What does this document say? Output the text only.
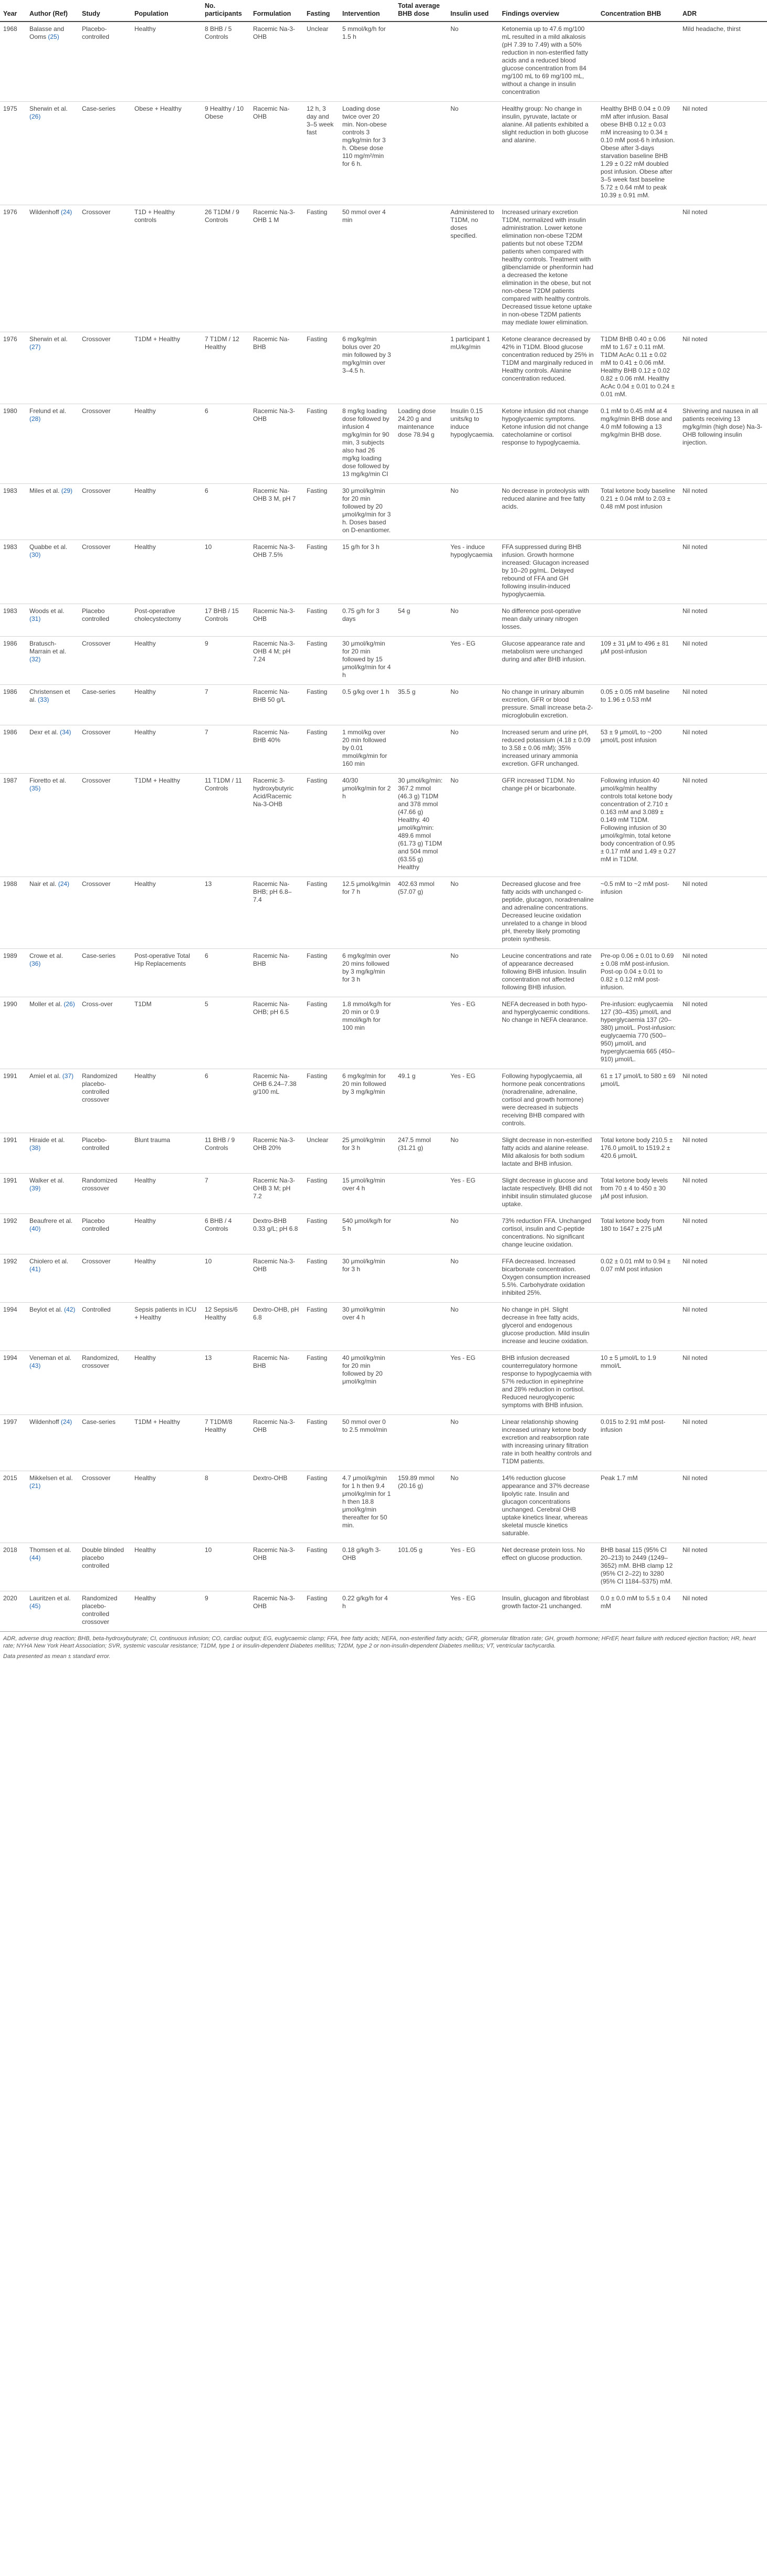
Year	Author (Ref)	Study	Population	No. participants	Formulation	Fasting	Intervention	Total average BHB dose	Insulin used	Findings overview	Concentration BHB	ADR
1968	Balasse and Ooms (25)	Placebo-controlled	Healthy	8 BHB / 5 Controls	Racemic Na-3-OHB	Unclear	5 mmol/kg/h for 1.5 h		No	Ketonemia up to 47.6 mg/100 mL resulted in a mild alkalosis (pH 7.39 to 7.49) with a 50% reduction in non-esterified fatty acids and a reduced blood glucose concentration from 84 mg/100 mL to 69 mg/100 mL, without a change in insulin concentration		Mild headache, thirst
1975	Sherwin et al. (26)	Case-series	Obese + Healthy	9 Healthy / 10 Obese	Racemic Na-OHB	12 h, 3 day and 3–5 week fast	Loading dose twice over 20 min. Non-obese controls 3 mg/kg/min for 3 h. Obese dose 110 mg/m²/min for 6 h.		No	Healthy group: No change in insulin, pyruvate, lactate or alanine. All patients exhibited a slight reduction in both glucose and alanine.	Healthy BHB 0.04 ± 0.09 mM after infusion. Basal obese BHB 0.12 ± 0.03 mM increasing to 0.34 ± 0.10 mM post-6 h infusion. Obese after 3-days starvation baseline BHB 1.29 ± 0.22 mM doubled post infusion. Obese after 3–5 week fast baseline 5.72 ± 0.64 mM to peak 10.39 ± 0.91 mM.	Nil noted
1976	Wildenhoff (24)	Crossover	T1D + Healthy controls	26 T1DM / 9 Controls	Racemic Na-3-OHB 1 M	Fasting	50 mmol over 4 min		Administered to T1DM, no doses specified.	Increased urinary excretion T1DM, normalized with insulin administration. Lower ketone elimination non-obese T2DM patients but not obese T2DM patients when compared with healthy controls. Treatment with glibenclamide or phenformin had a decreased the ketone elimination in the obese, but not non-obese T2DM patients compared with healthy controls. Decreased tissue ketone uptake in non-obese T2DM patients may mediate lower elimination.		Nil noted
1976	Sherwin et al. (27)	Crossover	T1DM + Healthy	7 T1DM / 12 Healthy	Racemic Na-BHB	Fasting	6 mg/kg/min bolus over 20 min followed by 3 mg/kg/min over 3–4.5 h.		1 participant 1 mU/kg/min	Ketone clearance decreased by 42% in T1DM. Blood glucose concentration reduced by 25% in T1DM and marginally reduced in Healthy controls. Alanine concentration reduced.	T1DM BHB 0.40 ± 0.06 mM to 1.67 ± 0.11 mM. T1DM AcAc 0.11 ± 0.02 mM to 0.41 ± 0.06 mM. Healthy BHB 0.12 ± 0.02 0.82 ± 0.06 mM. Healthy AcAc 0.04 ± 0.01 to 0.24 ± 0.01 mM.	Nil noted
1980	Frelund et al. (28)	Crossover	Healthy	6	Racemic Na-3-OHB	Fasting	8 mg/kg loading dose followed by infusion 4 mg/kg/min for 90 min, 3 subjects also had 26 mg/kg loading dose followed by 13 mg/kg/min CI	Loading dose 24.20 g and maintenance dose 78.94 g	Insulin 0.15 units/kg to induce hypoglycaemia.	Ketone infusion did not change hypoglycaemic symptoms. Ketone infusion did not change catecholamine or cortisol response to hypoglycaemia.	0.1 mM to 0.45 mM at 4 mg/kg/min BHB dose and 4.0 mM following a 13 mg/kg/min BHB dose.	Shivering and nausea in all patients receiving 13 mg/kg/min (high dose) Na-3-OHB following insulin injection.
1983	Miles et al. (29)	Crossover	Healthy	6	Racemic Na-OHB 3 M, pH 7	Fasting	30 μmol/kg/min for 20 min followed by 20 μmol/kg/min for 3 h. Doses based on D-enantiomer.		No	No decrease in proteolysis with reduced alanine and free fatty acids.	Total ketone body baseline 0.21 ± 0.04 mM to 2.03 ± 0.48 mM post infusion	Nil noted
1983	Quabbe et al. (30)	Crossover	Healthy	10	Racemic Na-3-OHB 7.5%	Fasting	15 g/h for 3 h		Yes - induce hypoglycaemia	FFA suppressed during BHB infusion. Growth hormone increased: Glucagon increased by 10–20 pg/mL. Delayed rebound of FFA and GH following insulin-induced hypoglycaemia.		Nil noted
1983	Woods et al. (31)	Placebo controlled	Post-operative cholecystectomy	17 BHB / 15 Controls	Racemic Na-3-OHB	Fasting	0.75 g/h for 3 days	54 g	No	No difference post-operative mean daily urinary nitrogen losses.		Nil noted
1986	Bratusch-Marrain et al. (32)	Crossover	Healthy	9	Racemic Na-3-OHB 4 M; pH 7.24	Fasting	30 μmol/kg/min for 20 min followed by 15 μmol/kg/min for 4 h		Yes - EG	Glucose appearance rate and metabolism were unchanged during and after BHB infusion.	109 ± 31 μM to 496 ± 81 μM post-infusion	Nil noted
1986	Christensen et al. (33)	Case-series	Healthy	7	Racemic Na-BHB 50 g/L	Fasting	0.5 g/kg over 1 h	35.5 g	No	No change in urinary albumin excretion, GFR or blood pressure. Small increase beta-2-microglobulin excretion.	0.05 ± 0.05 mM baseline to 1.96 ± 0.53 mM	Nil noted
1986	Dexr et al. (34)	Crossover	Healthy	7	Racemic Na-BHB 40%	Fasting	1 mmol/kg over 20 min followed by 0.01 mmol/kg/min for 160 min		No	Increased serum and urine pH, reduced potassium (4.18 ± 0.09 to 3.58 ± 0.06 mM); 35% increased urinary ammonia excretion. GFR unchanged.	53 ± 9 μmol/L to ~200 μmol/L post infusion	Nil noted
1987	Fioretto et al. (35)	Crossover	T1DM + Healthy	11 T1DM / 11 Controls	Racemic 3-hydroxybutyric Acid/Racemic Na-3-OHB	Fasting	40/30 μmol/kg/min for 2 h	30 μmol/kg/min: 367.2 mmol (46.3 g) T1DM and 378 mmol (47.66 g) Healthy. 40 μmol/kg/min: 489.6 mmol (61.73 g) T1DM and 504 mmol (63.55 g) Healthy	No	GFR increased T1DM. No change pH or bicarbonate.	Following infusion 40 μmol/kg/min healthy controls total ketone body concentration of 2.710 ± 0.163 mM and 3.089 ± 0.149 mM T1DM. Following infusion of 30 μmol/kg/min, total ketone body concentration of 0.95 ± 0.17 mM and 1.49 ± 0.27 mM in T1DM.	Nil noted
1988	Nair et al. (24)	Crossover	Healthy	13	Racemic Na-BHB; pH 6.8–7.4	Fasting	12.5 μmol/kg/min for 7 h	402.63 mmol (57.07 g)	No	Decreased glucose and free fatty acids with unchanged c-peptide, glucagon, noradrenaline and adrenaline concentrations. Decreased leucine oxidation unrelated to a change in blood pH, thereby likely promoting protein synthesis.	~0.5 mM to ~2 mM post-infusion	Nil noted
1989	Crowe et al. (36)	Case-series	Post-operative Total Hip Replacements	6	Racemic Na-BHB	Fasting	6 mg/kg/min over 20 mins followed by 3 mg/kg/min for 3 h		No	Leucine concentrations and rate of appearance decreased following BHB infusion. Insulin concentration not affected following BHB infusion.	Pre-op 0.06 ± 0.01 to 0.69 ± 0.08 mM post-infusion. Post-op 0.04 ± 0.01 to 0.82 ± 0.12 mM post-infusion.	Nil noted
1990	Moller et al. (26)	Cross-over	T1DM	5	Racemic Na-OHB; pH 6.5	Fasting	1.8 mmol/kg/h for 20 min or 0.9 mmol/kg/h for 100 min		Yes - EG	NEFA decreased in both hypo- and hyperglycaemic conditions. No change in NEFA clearance.	Pre-infusion: euglycaemia 127 (30–435) μmol/L and hyperglycaemia 137 (20–380) μmol/L. Post-infusion: euglycaemia 770 (500–950) μmol/L and hyperglycaemia 665 (450–910) μmol/L.	Nil noted
1991	Amiel et al. (37)	Randomized placebo-controlled crossover	Healthy	6	Racemic Na-OHB 6.24–7.38 g/100 mL	Fasting	6 mg/kg/min for 20 min followed by 3 mg/kg/min	49.1 g	Yes - EG	Following hypoglycaemia, all hormone peak concentrations (noradrenaline, adrenaline, cortisol and growth hormone) were decreased in subjects receiving BHB compared with controls.	61 ± 17 μmol/L to 580 ± 69 μmol/L	Nil noted
1991	Hiraide et al. (38)	Placebo-controlled	Blunt trauma	11 BHB / 9 Controls	Racemic Na-3-OHB 20%	Unclear	25 μmol/kg/min for 3 h	247.5 mmol (31.21 g)	No	Slight decrease in non-esterified fatty acids and alanine release. Mild alkalosis for both sodium lactate and BHB infusion.	Total ketone body 210.5 ± 176.0 μmol/L to 1519.2 ± 420.6 μmol/L	Nil noted
1991	Walker et al. (39)	Randomized crossover	Healthy	7	Racemic Na-3-OHB 3 M; pH 7.2	Fasting	15 μmol/kg/min over 4 h		Yes - EG	Slight decrease in glucose and lactate respectively. BHB did not inhibit insulin stimulated glucose uptake.	Total ketone body levels from 70 ± 4 to 450 ± 30 μM post infusion.	Nil noted
1992	Beaufrere et al. (40)	Placebo controlled	Healthy	6 BHB / 4 Controls	Dextro-BHB 0.33 g/L; pH 6.8	Fasting	540 μmol/kg/h for 5 h		No	73% reduction FFA. Unchanged cortisol, insulin and C-peptide concentrations. No significant change leucine oxidation.	Total ketone body from 180 to 1647 ± 275 μM	Nil noted
1992	Chiolero et al. (41)	Crossover	Healthy	10	Racemic Na-3-OHB	Fasting	30 μmol/kg/min for 3 h		No	FFA decreased. Increased bicarbonate concentration. Oxygen consumption increased 5.5%. Carbohydrate oxidation inhibited 25%.	0.02 ± 0.01 mM to 0.94 ± 0.07 mM post infusion	Nil noted
1994	Beylot et al. (42)	Controlled	Sepsis patients in ICU + Healthy	12 Sepsis/6 Healthy	Dextro-OHB, pH 6.8	Fasting	30 μmol/kg/min over 4 h		No	No change in pH. Slight decrease in free fatty acids, glycerol and endogenous glucose production. Mild insulin increase and leucine oxidation.		Nil noted
1994	Veneman et al. (43)	Randomized, crossover	Healthy	13	Racemic Na-BHB	Fasting	40 μmol/kg/min for 20 min followed by 20 μmol/kg/min		Yes - EG	BHB infusion decreased counterregulatory hormone response to hypoglycaemia with 57% reduction in epinephrine and 28% reduction in cortisol. Reduced neuroglycopenic symptoms with BHB infusion.	10 ± 5 μmol/L to 1.9 mmol/L	Nil noted
1997	Wildenhoff (24)	Case-series	T1DM + Healthy	7 T1DM/8 Healthy	Racemic Na-3-OHB	Fasting	50 mmol over 0 to 2.5 mmol/min		No	Linear relationship showing increased urinary ketone body excretion and reabsorption rate with increasing urinary filtration rate in both healthy controls and T1DM patients.	0.015 to 2.91 mM post-infusion	Nil noted
2015	Mikkelsen et al. (21)	Crossover	Healthy	8	Dextro-OHB	Fasting	4.7 μmol/kg/min for 1 h then 9.4 μmol/kg/min for 1 h then 18.8 μmol/kg/min thereafter for 50 min.	159.89 mmol (20.16 g)	No	14% reduction glucose appearance and 37% decrease lipolytic rate. Insulin and glucagon concentrations unchanged. Cerebral OHB uptake kinetics linear, whereas skeletal muscle kinetics saturable.	Peak 1.7 mM	Nil noted
2018	Thomsen et al. (44)	Double blinded placebo controlled	Healthy	10	Racemic Na-3-OHB	Fasting	0.18 g/kg/h 3-OHB	101.05 g	Yes - EG	Net decrease protein loss. No effect on glucose production.	BHB basal 115 (95% CI 20–213) to 2449 (1249–3652) mM. BHB clamp 12 (95% CI 2–22) to 3280 (95% CI 1184–5375) mM.	Nil noted
2020	Lauritzen et al. (45)	Randomized placebo-controlled crossover	Healthy	9	Racemic Na-3-OHB	Fasting	0.22 g/kg/h for 4 h		Yes - EG	Insulin, glucagon and fibroblast growth factor-21 unchanged.	0.0 ± 0.0 mM to 5.5 ± 0.4 mM	Nil noted
ADR, adverse drug reaction; BHB, beta-hydroxybutyrate; CI, continuous infusion; CO, cardiac output; EG, euglycaemic clamp; FFA, free fatty acids; NEFA, non-esterified fatty acids; GFR, glomerular filtration rate; GH, growth hormone; HFrEF, heart failure with reduced ejection fraction; HR, heart rate; NYHA New York Heart Association; SVR, systemic vascular resistance; T1DM, type 1 or insulin-dependent Diabetes mellitus; T2DM, type 2 or non-insulin-dependent Diabetes mellitus; VT, ventricular tachycardia.
Data presented as mean ± standard error.
